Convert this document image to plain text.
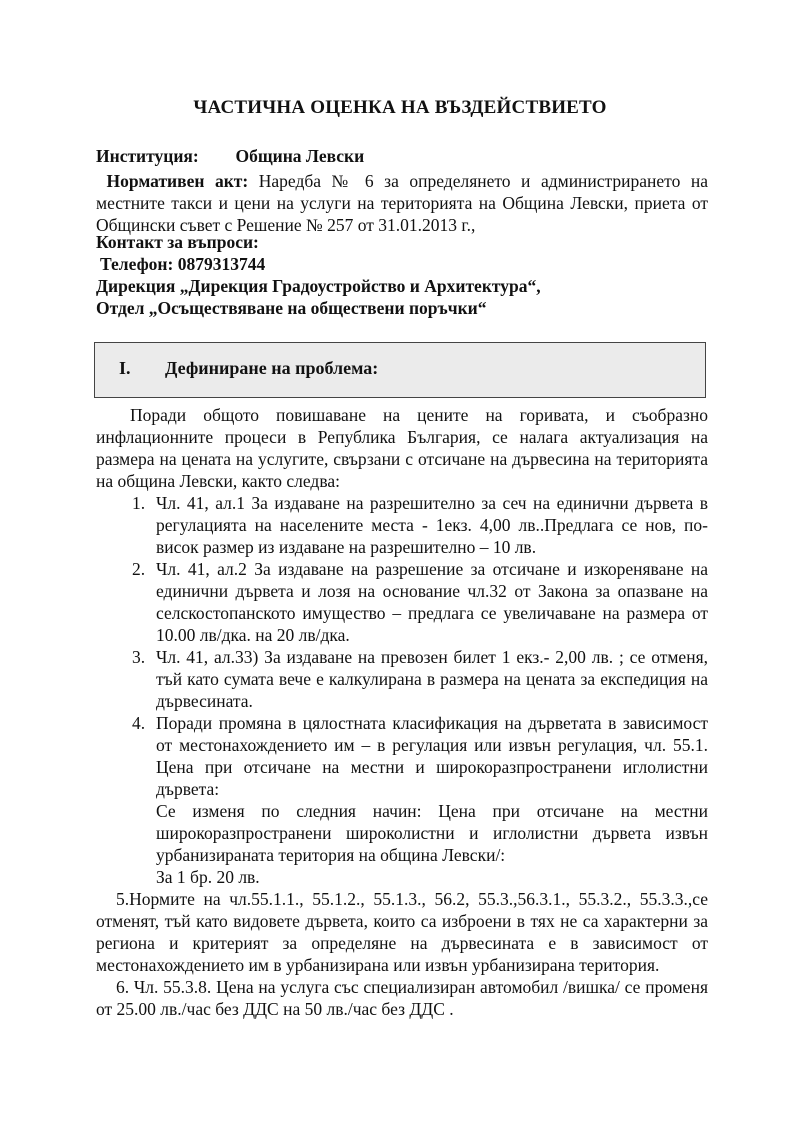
ЧАСТИЧНА ОЦЕНКА НА ВЪЗДЕЙСТВИЕТО
Институция: Община Левски
Нормативен акт: Наредба № 6 за определянето и администрирането на местните такси и цени на услуги на територията на Община Левски, приета от Общински съвет с Решение № 257 от 31.01.2013 г.,
Контакт за въпроси:
Телефон: 0879313744
Дирекция „Дирекция Градоустройство и Архитектура“,
Отдел „Осъществяване на обществени поръчки“
I. Дефиниране на проблема:
Поради общото повишаване на цените на горивата, и съобразно инфлационните процеси в Република България, се налага актуализация на размера на цената на услугите, свързани с отсичане на дървесина на територията на община Левски, както следва:
1. Чл. 41, ал.1 За издаване на разрешително за сеч на единични дървета в регулацията на населените места - 1екз. 4,00 лв..Предлага се нов, по-висок размер из издаване на разрешително – 10 лв.
2. Чл. 41, ал.2 За издаване на разрешение за отсичане и изкореняване на единични дървета и лозя на основание чл.32 от Закона за опазване на селскостопанското имущество – предлага се увеличаване на размера от 10.00 лв/дка. на 20 лв/дка.
3. Чл. 41, ал.33) За издаване на превозен билет 1 екз.- 2,00 лв. ; се отменя, тъй като сумата вече е калкулирана в размера на цената за експедиция на дървесината.
4. Поради промяна в цялостната класификация на дърветата в зависимост от местонахождението им – в регулация или извън регулация, чл. 55.1. Цена при отсичане на местни и широкоразпространени иглолистни дървета:
Се изменя по следния начин: Цена при отсичане на местни широкоразпространени широколистни и иглолистни дървета извън урбанизираната територия на община Левски/:
За 1 бр. 20 лв.
5.Нормите на чл.55.1.1., 55.1.2., 55.1.3., 56.2, 55.3.,56.3.1., 55.3.2., 55.3.3.,се отменят, тъй като видовете дървета, които са изброени в тях не са характерни за региона и критерият за определяне на дървесината е в зависимост от местонахождението им в урбанизирана или извън урбанизирана територия.
6. Чл. 55.3.8. Цена на услуга със специализиран автомобил /вишка/ се променя от 25.00 лв./час без ДДС на 50 лв./час без ДДС .
